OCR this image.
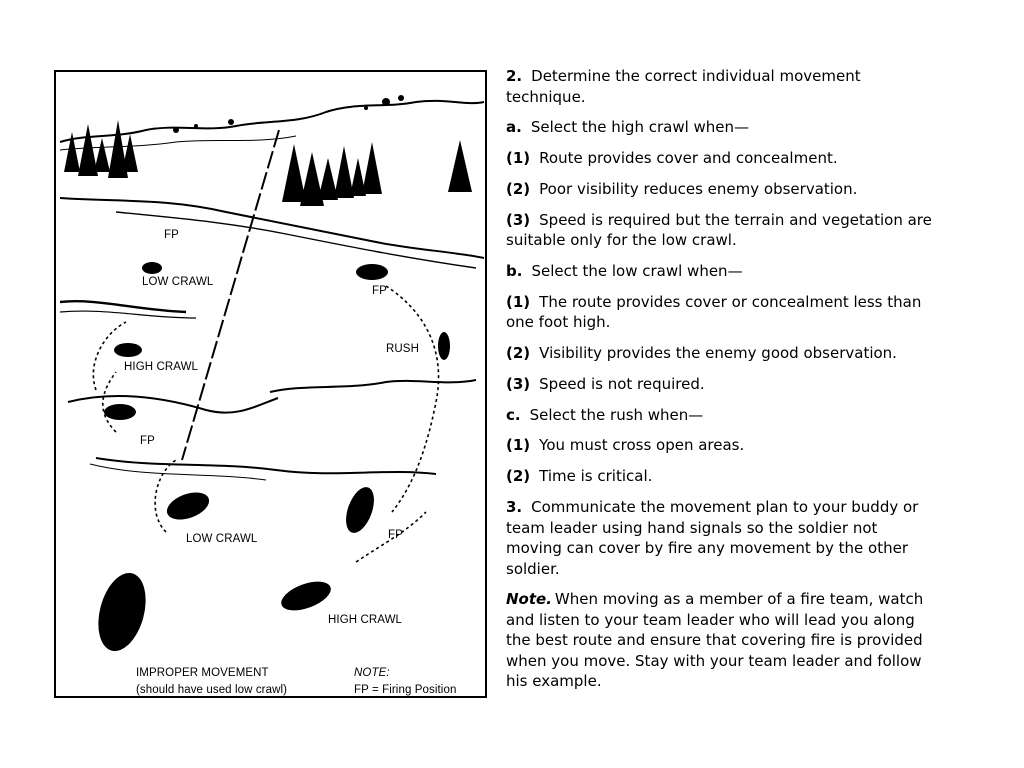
FP
LOW CRAWL
FP
RUSH
HIGH CRAWL
FP
LOW CRAWL	FP
HIGH CRAWL
IMPROPER MOVEMENT
(should have used low crawl)
NOTE:
FP = Firing Position

2. Determine the correct individual movement technique.

a. Select the high crawl when—

(1) Route provides cover and concealment.

(2) Poor visibility reduces enemy observation.

(3) Speed is required but the terrain and vegetation are suitable only for the low crawl.

b. Select the low crawl when—

(1) The route provides cover or concealment less than one foot high.

(2) Visibility provides the enemy good observation.

(3) Speed is not required.

c. Select the rush when—

(1) You must cross open areas.

(2) Time is critical.

3. Communicate the movement plan to your buddy or team leader using hand signals so the soldier not moving can cover by fire any movement by the other soldier.

Note. When moving as a member of a fire team, watch and listen to your team leader who will lead you along the best route and ensure that covering fire is provided when you move. Stay with your team leader and follow his example.
